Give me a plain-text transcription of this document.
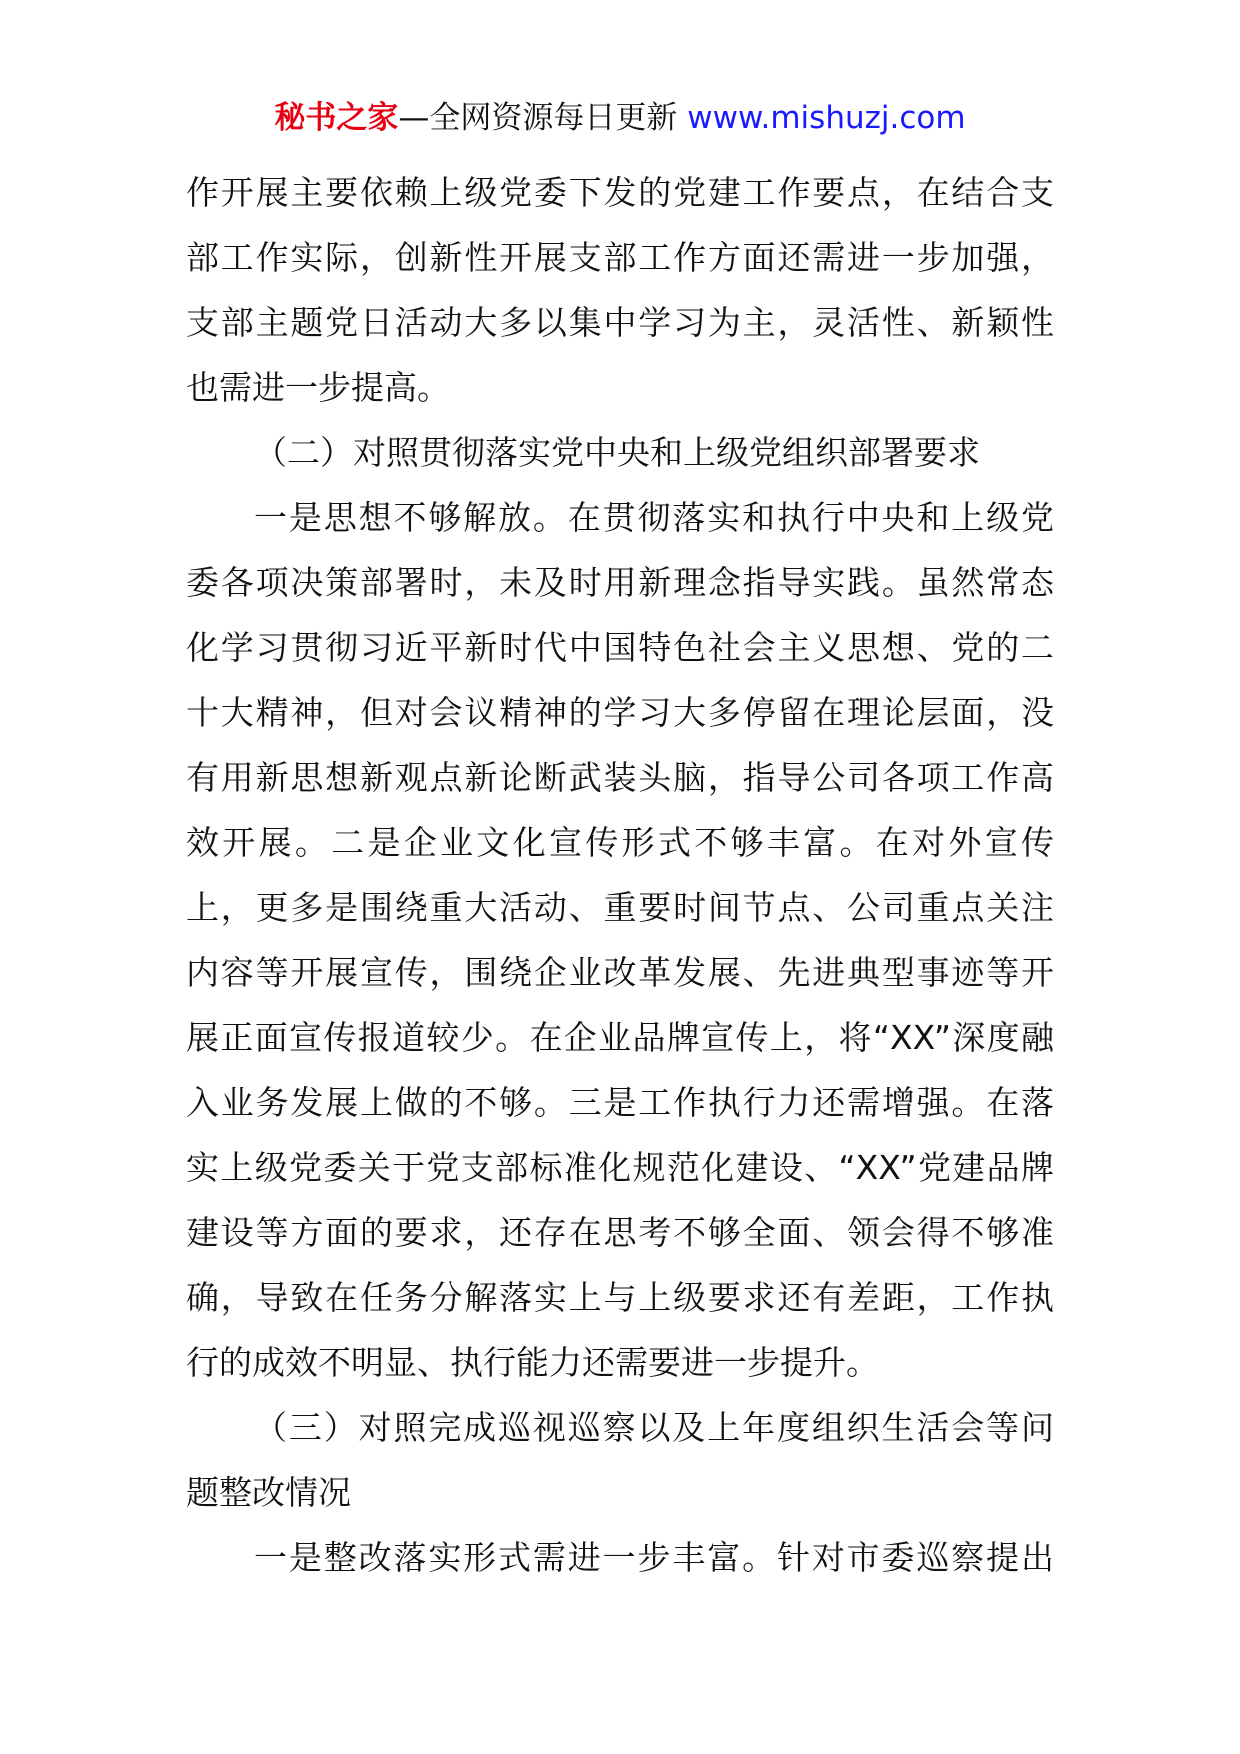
秘书之家—全网资源每日更新 www.mishuzj.com
作开展主要依赖上级党委下发的党建工作要点，在结合支
部工作实际，创新性开展支部工作方面还需进一步加强，
支部主题党日活动大多以集中学习为主，灵活性、新颖性
也需进一步提高。
（二）对照贯彻落实党中央和上级党组织部署要求
一是思想不够解放。在贯彻落实和执行中央和上级党
委各项决策部署时，未及时用新理念指导实践。虽然常态
化学习贯彻习近平新时代中国特色社会主义思想、党的二
十大精神，但对会议精神的学习大多停留在理论层面，没
有用新思想新观点新论断武装头脑，指导公司各项工作高
效开展。二是企业文化宣传形式不够丰富。在对外宣传
上，更多是围绕重大活动、重要时间节点、公司重点关注
内容等开展宣传，围绕企业改革发展、先进典型事迹等开
展正面宣传报道较少。在企业品牌宣传上，将“XX”深度融
入业务发展上做的不够。三是工作执行力还需增强。在落
实上级党委关于党支部标准化规范化建设、“XX”党建品牌
建设等方面的要求，还存在思考不够全面、领会得不够准
确，导致在任务分解落实上与上级要求还有差距，工作执
行的成效不明显、执行能力还需要进一步提升。
（三）对照完成巡视巡察以及上年度组织生活会等问
题整改情况
一是整改落实形式需进一步丰富。针对市委巡察提出
